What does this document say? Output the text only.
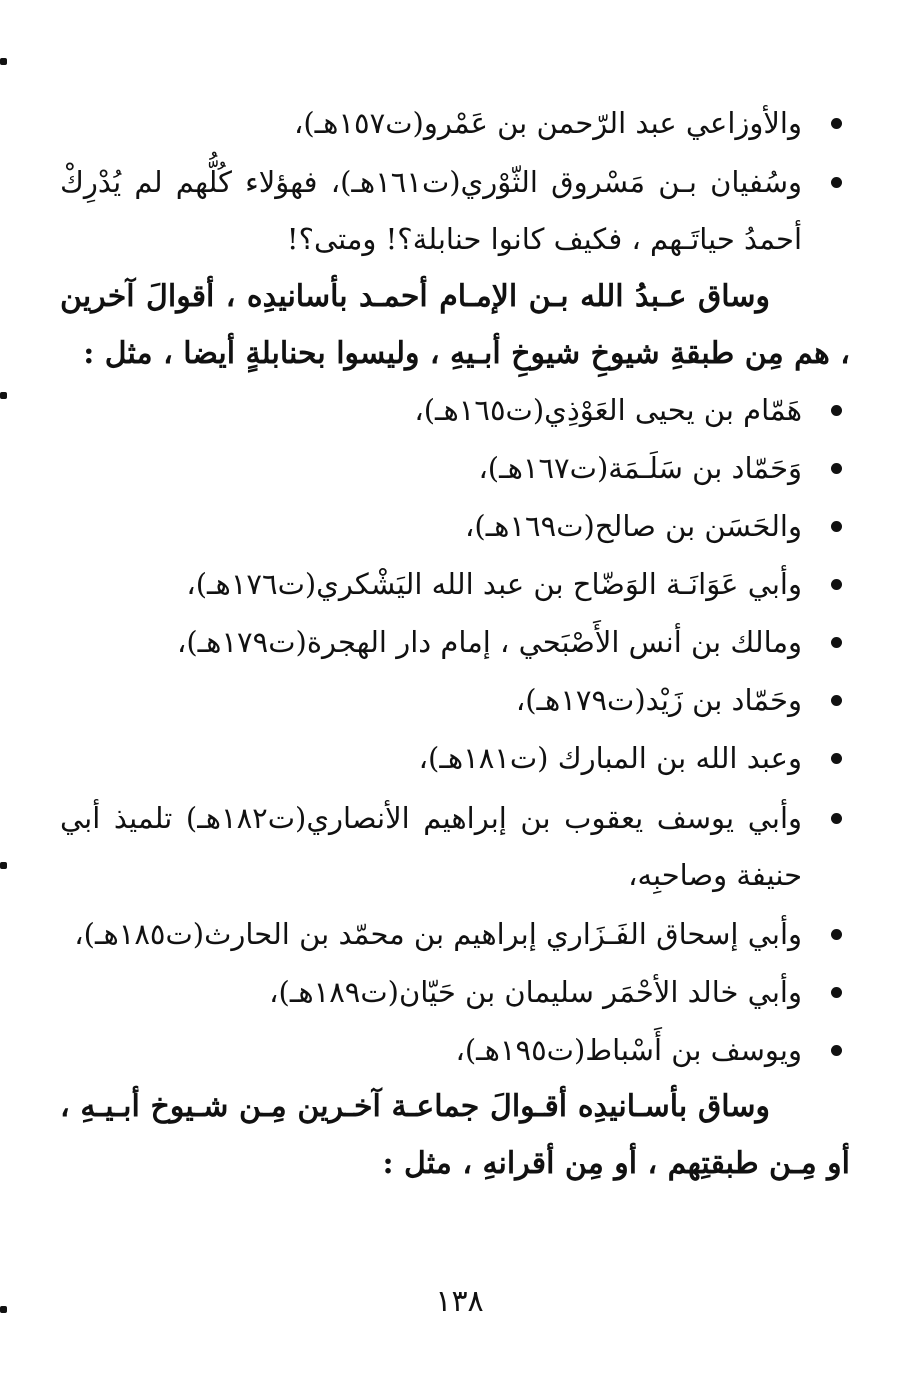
والأوزاعي عبد الرّحمن بن عَمْرو(ت١٥٧هـ)،
وسُفيان بـن مَسْروق الثّوْري(ت١٦١هـ)، فهؤلاء كُلُّهم لم يُدْرِكْ أحمدُ حياتَـهم ، فكيف كانوا حنابلة؟! ومتى؟!
وساق عـبدُ الله بـن الإمـام أحمـد بأسانيدِه ، أقوالَ آخرين ، هم مِن طبقةِ شيوخِ شيوخِ أبـيهِ ، وليسوا بحنابلةٍ أيضا ، مثل :
هَمّام بن يحيى العَوْذِي(ت١٦٥هـ)،
وَحَمّاد بن سَلَـمَة(ت١٦٧هـ)،
والحَسَن بن صالح(ت١٦٩هـ)،
وأبي عَوَانَـة الوَضّاح بن عبد الله اليَشْكري(ت١٧٦هـ)،
ومالك بن أنس الأَصْبَحي ، إمام دار الهجرة(ت١٧٩هـ)،
وحَمّاد بن زَيْد(ت١٧٩هـ)،
وعبد الله بن المبارك (ت١٨١هـ)،
وأبي يوسف يعقوب بن إبراهيم الأنصاري(ت١٨٢هـ) تلميذ أبي حنيفة وصاحبِه،
وأبي إسحاق الفَـزَاري إبراهيم بن محمّد بن الحارث(ت١٨٥هـ)،
وأبي خالد الأحْمَر سليمان بن حَيّان(ت١٨٩هـ)،
ويوسف بن أَسْباط(ت١٩٥هـ)،
وساق بأسـانيدِه أقـوالَ جماعـة آخـرين مِـن شـيوخ أبـيـهِ ، أو مِـن طبقتِهم ، أو مِن أقرانهِ ، مثل :
١٣٨
